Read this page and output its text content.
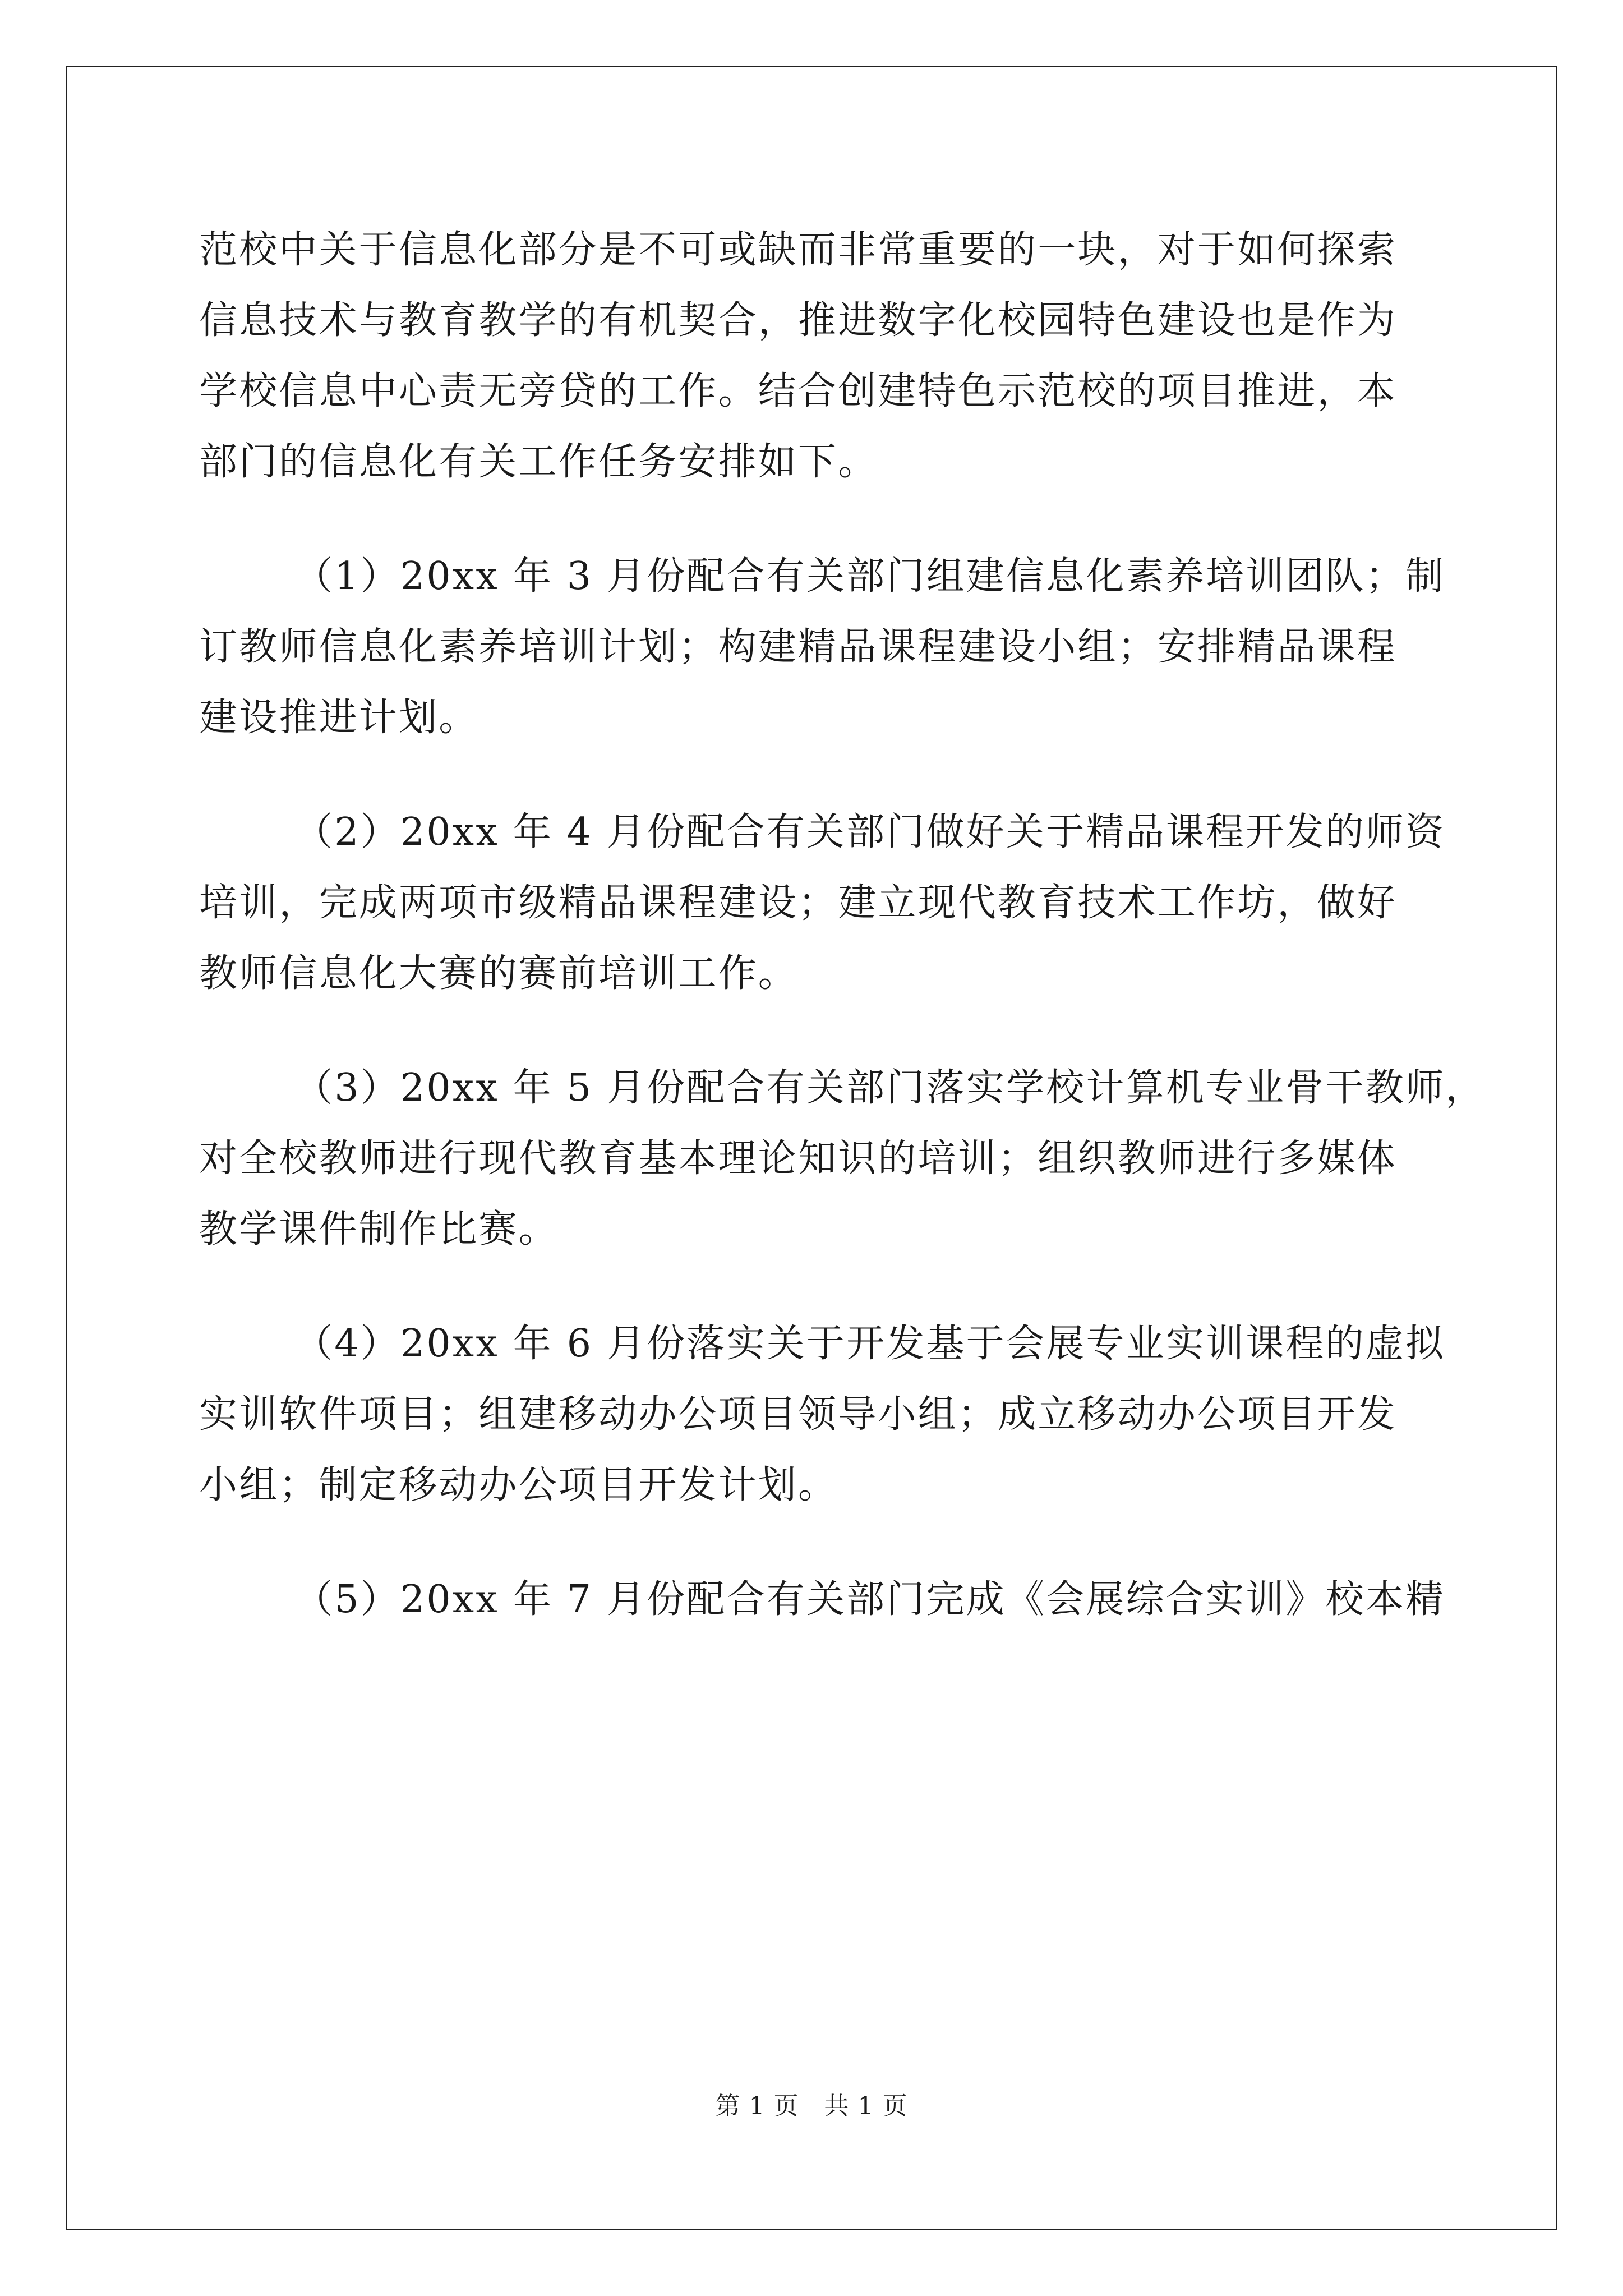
范校中关于信息化部分是不可或缺而非常重要的一块，对于如何探索
信息技术与教育教学的有机契合，推进数字化校园特色建设也是作为
学校信息中心责无旁贷的工作。结合创建特色示范校的项目推进，本
部门的信息化有关工作任务安排如下。
（1）20xx 年 3 月份配合有关部门组建信息化素养培训团队；制
订教师信息化素养培训计划；构建精品课程建设小组；安排精品课程
建设推进计划。
（2）20xx 年 4 月份配合有关部门做好关于精品课程开发的师资
培训，完成两项市级精品课程建设；建立现代教育技术工作坊，做好
教师信息化大赛的赛前培训工作。
（3）20xx 年 5 月份配合有关部门落实学校计算机专业骨干教师，
对全校教师进行现代教育基本理论知识的培训；组织教师进行多媒体
教学课件制作比赛。
（4）20xx 年 6 月份落实关于开发基于会展专业实训课程的虚拟
实训软件项目；组建移动办公项目领导小组；成立移动办公项目开发
小组；制定移动办公项目开发计划。
（5）20xx 年 7 月份配合有关部门完成《会展综合实训》校本精
第 1 页　共 1 页
